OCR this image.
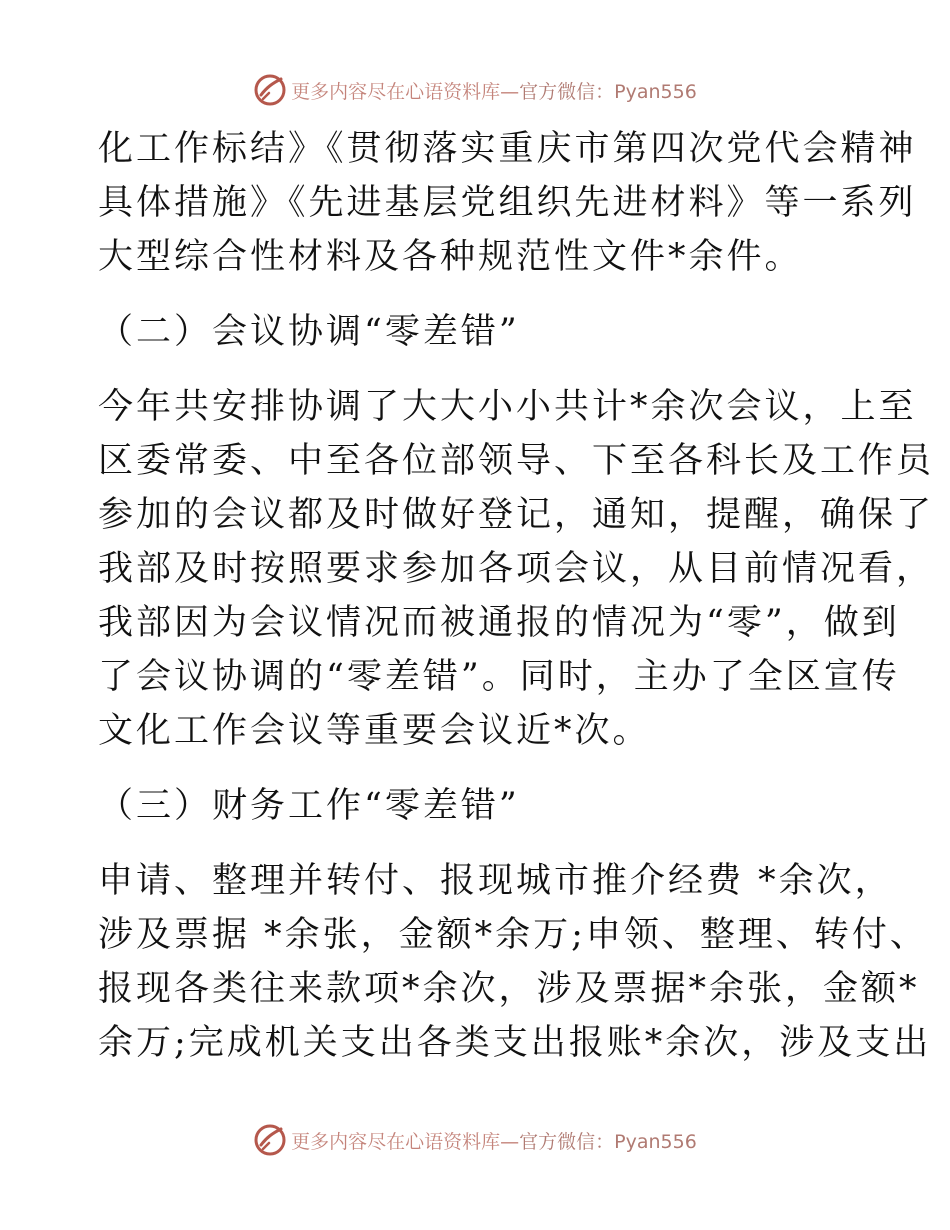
更多内容尽在心语资料库—官方微信：Pyan556

化工作标结》《贯彻落实重庆市第四次党代会精神
具体措施》《先进基层党组织先进材料》等一系列
大型综合性材料及各种规范性文件*余件。

（二）会议协调“零差错”

今年共安排协调了大大小小共计*余次会议，上至
区委常委、中至各位部领导、下至各科长及工作员
参加的会议都及时做好登记，通知，提醒，确保了
我部及时按照要求参加各项会议，从目前情况看，
我部因为会议情况而被通报的情况为“零”，做到
了会议协调的“零差错”。同时，主办了全区宣传
文化工作会议等重要会议近*次。

（三）财务工作“零差错”

申请、整理并转付、报现城市推介经费 *余次，
涉及票据 *余张，金额*余万;申领、整理、转付、
报现各类往来款项*余次，涉及票据*余张，金额*
余万;完成机关支出各类支出报账*余次，涉及支出

更多内容尽在心语资料库—官方微信：Pyan556
